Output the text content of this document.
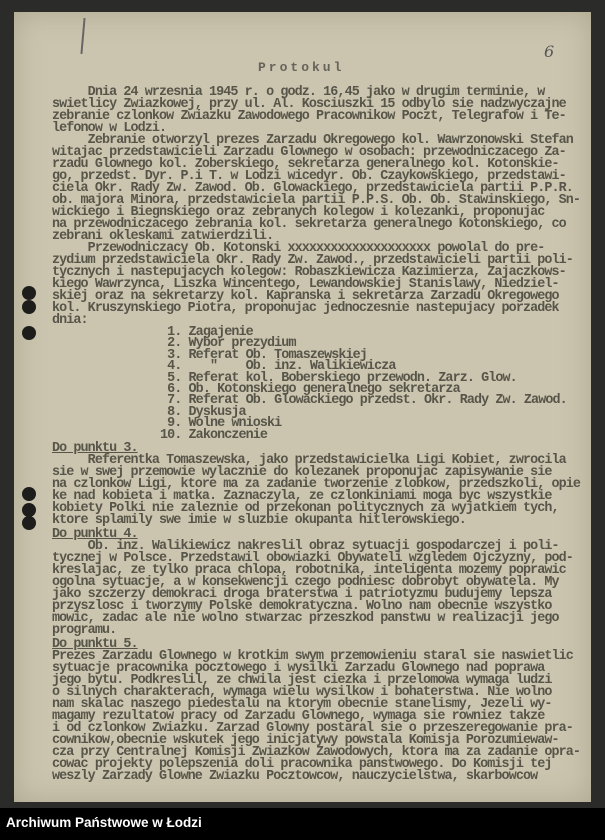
6
Protokul
Dnia 24 wrzesnia 1945 r. o godz. 16,45 jako w drugim terminie, w
swietlicy Zwiazkowej, przy ul. Al. Kosciuszki 15 odbylo sie nadzwyczajne
zebranie czlonkow Zwiazku Zawodowego Pracownikow Poczt, Telegrafow i Te-
lefonow w Lodzi.
Zebranie otworzyl prezes Zarzadu Okregowego kol. Wawrzonowski Stefan
witajac przedstawicieli Zarzadu Glownego w osobach: przewodniczacego Za-
rzadu Glownego kol. Zoberskiego, sekretarza generalnego kol. Kotonskie-
go, przedst. Dyr. P.i T. w Lodzi wicedyr. Ob. Czaykowskiego, przedstawi-
ciela Okr. Rady Zw. Zawod. Ob. Glowackiego, przedstawiciela partii P.P.R.
ob. majora Minora, przedstawiciela partii P.P.S. Ob. Ob. Stawinskiego, Sn-
wickiego i Biegnskiego oraz zebranych kolegow i kolezanki, proponujac
na przewodniczacego zebrania kol. sekretarza generalnego Kotonskiego, co
zebrani okleskami zatwierdzili.
Przewodniczacy Ob. Kotonski xxxxxxxxxxxxxxxxxxxx powolal do pre-
zydium przedstawiciela Okr. Rady Zw. Zawod., przedstawicieli partii poli-
tycznych i nastepujacych kolegow: Robaszkiewicza Kazimierza, Zajaczkows-
kiego Wawrzynca, Liszka Wincentego, Lewandowskiej Stanislawy, Niedziel-
skiej oraz na sekretarzy kol. Kapranska i sekretarza Zarzadu Okregowego
kol. Kruszynskiego Piotra, proponujac jednoczesnie nastepujacy porzadek
dnia:
1. Zagajenie
2. Wybor prezydium
3. Referat Ob. Tomaszewskiej
4.    "    Ob. inz. Walikiewicza
5. Referat kol. Boberskiego przewodn. Zarz. Glow.
6. Ob. Kotonskiego generalnego sekretarza
7. Referat Ob. Glowackiego przedst. Okr. Rady Zw. Zawod.
8. Dyskusja
9. Wolne wnioski
10. Zakonczenie
Do punktu 3.
Referentka Tomaszewska, jako przedstawicielka Ligi Kobiet, zwrocila
sie w swej przemowie wylacznie do kolezanek proponujac zapisywanie sie
na czlonkow Ligi, ktore ma za zadanie tworzenie zlobkow, przedszkoli, opie
ke nad kobieta i matka. Zaznaczyla, ze czlonkiniami moga byc wszystkie
kobiety Polki nie zaleznie od przekonan politycznych za wyjatkiem tych,
ktore splamily swe imie w sluzbie okupanta hitlerowskiego.
Do punktu 4.
Ob. inz. Walikiewicz nakreslil obraz sytuacji gospodarczej i poli-
tycznej w Polsce. Przedstawil obowiazki Obywateli wzgledem Ojczyzny, pod-
kreslajac, ze tylko praca chlopa, robotnika, inteligenta mozemy poprawic
ogolna sytuacje, a w konsekwencji czego podniesc dobrobyt obywatela. My
jako szczerzy demokraci droga braterstwa i patriotyzmu budujemy lepsza
przyszlosc i tworzymy Polske demokratyczna. Wolno nam obecnie wszystko
mowic, zadac ale nie wolno stwarzac przeszkod panstwu w realizacji jego
programu.
Do punktu 5.
Prezes Zarzadu Glownego w krotkim swym przemowieniu staral sie naswietlic
sytuacje pracownika pocztowego i wysilki Zarzadu Glownego nad poprawa
jego bytu. Podkreslil, ze chwila jest ciezka i przelomowa wymaga ludzi
o silnych charakterach, wymaga wielu wysilkow i bohaterstwa. Nie wolno
nam skalac naszego piedestalu na ktorym obecnie stanelismy, Jezeli wy-
magamy rezultatow pracy od Zarzadu Glownego, wymaga sie rowniez takze
i od czlonkow Zwiazku. Zarzad Glowny postaral sie o przeszeregowanie pra-
cownikow,obecnie wskutek jego inicjatywy powstala Komisja Porozumiewaw-
cza przy Centralnej Komisji Zwiazkow Zawodowych, ktora ma za zadanie opra-
cowac projekty polepszenia doli pracownika panstwowego. Do Komisji tej
weszly Zarzady Glowne Zwiazku Pocztowcow, nauczycielstwa, skarbowcow
Archiwum Państwowe w Łodzi
